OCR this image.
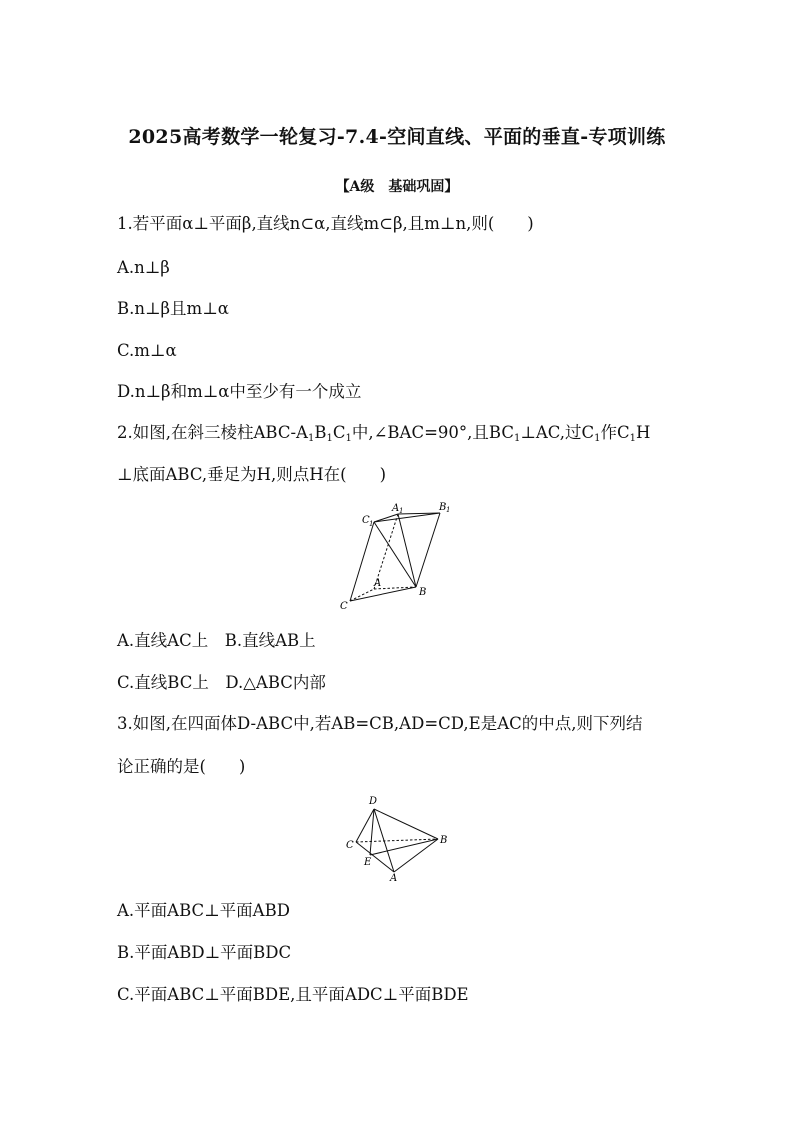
2025高考数学一轮复习-7.4-空间直线、平面的垂直-专项训练
【A级　基础巩固】
1.若平面α⊥平面β,直线n⊂α,直线m⊂β,且m⊥n,则(　　)
A.n⊥β
B.n⊥β且m⊥α
C.m⊥α
D.n⊥β和m⊥α中至少有一个成立
2.如图,在斜三棱柱ABC-$A_1B_1C_1$中,∠BAC=90°,且$BC_1\perp AC$,过$C_1$作$C_1H$
⊥底面ABC,垂足为H,则点H在(　　)
C 1
A 1	B 1
A
B
C
A.直线AC上　B.直线AB上
C.直线BC上　D.△ABC内部
3.如图,在四面体D-ABC中,若AB=CB,AD=CD,E是AC的中点,则下列结
论正确的是(　　)
D
C	B
E
A
A.平面ABC⊥平面ABD
B.平面ABD⊥平面BDC
C.平面ABC⊥平面BDE,且平面ADC⊥平面BDE
